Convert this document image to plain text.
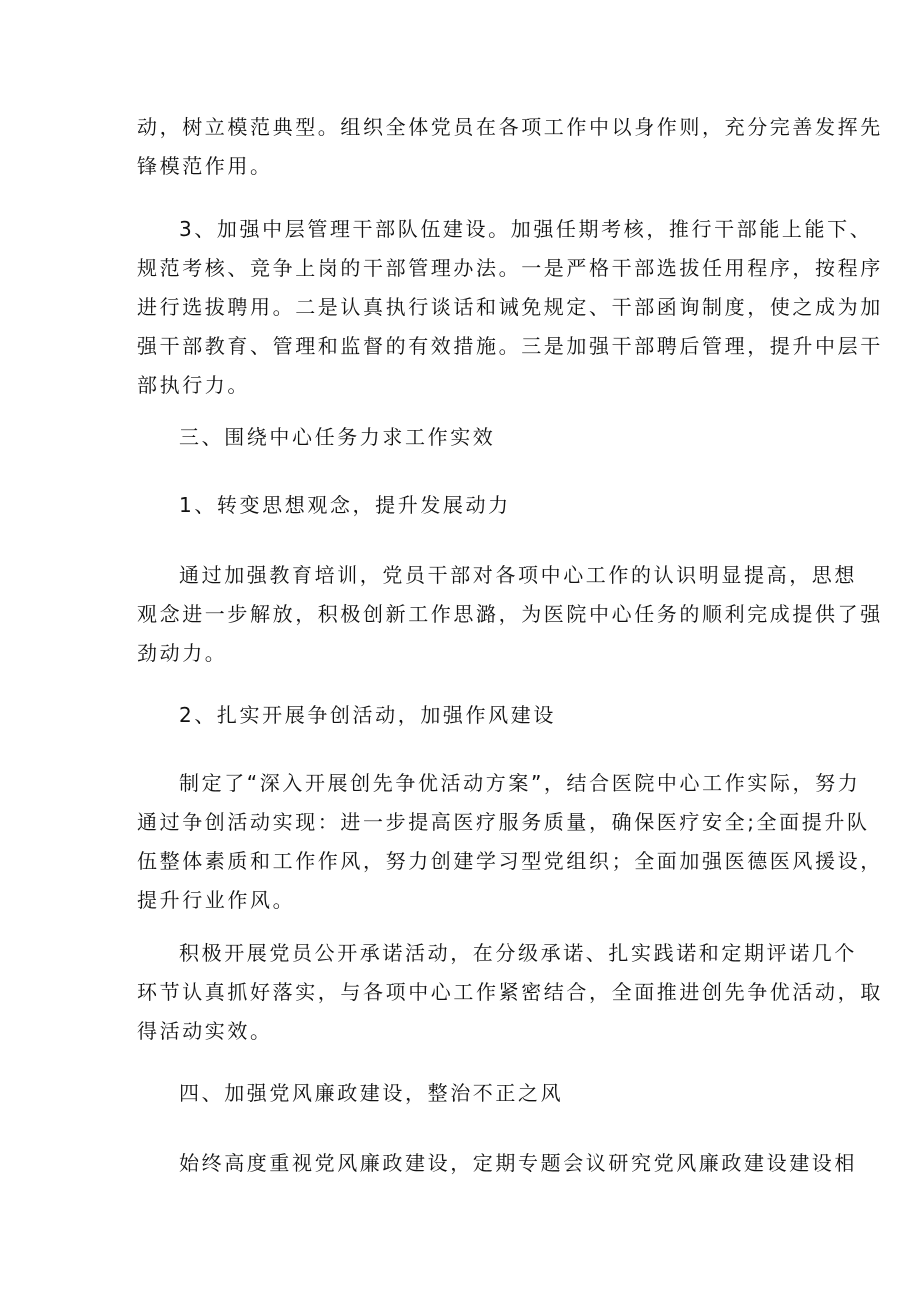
动，树立模范典型。组织全体党员在各项工作中以身作则，充分完善发挥先
锋模范作用。

3、加强中层管理干部队伍建设。加强任期考核，推行干部能上能下、
规范考核、竞争上岗的干部管理办法。一是严格干部选拔任用程序，按程序
进行选拔聘用。二是认真执行谈话和诫免规定、干部函询制度，使之成为加
强干部教育、管理和监督的有效措施。三是加强干部聘后管理，提升中层干
部执行力。

三、围绕中心任务力求工作实效

1、转变思想观念，提升发展动力

通过加强教育培训，党员干部对各项中心工作的认识明显提高，思想
观念进一步解放，积极创新工作思潞，为医院中心任务的顺利完成提供了强
劲动力。

2、扎实开展争创活动，加强作风建设

制定了“深入开展创先争优活动方案”，结合医院中心工作实际，努力
通过争创活动实现：进一步提高医疗服务质量，确保医疗安全;全面提升队
伍整体素质和工作作风，努力创建学习型党组织；全面加强医德医风援设，
提升行业作风。

积极开展党员公开承诺活动，在分级承诺、扎实践诺和定期评诺几个
环节认真抓好落实，与各项中心工作紧密结合，全面推进创先争优活动，取
得活动实效。

四、加强党风廉政建设，整治不正之风

始终高度重视党风廉政建设，定期专题会议研究党风廉政建设建设相
